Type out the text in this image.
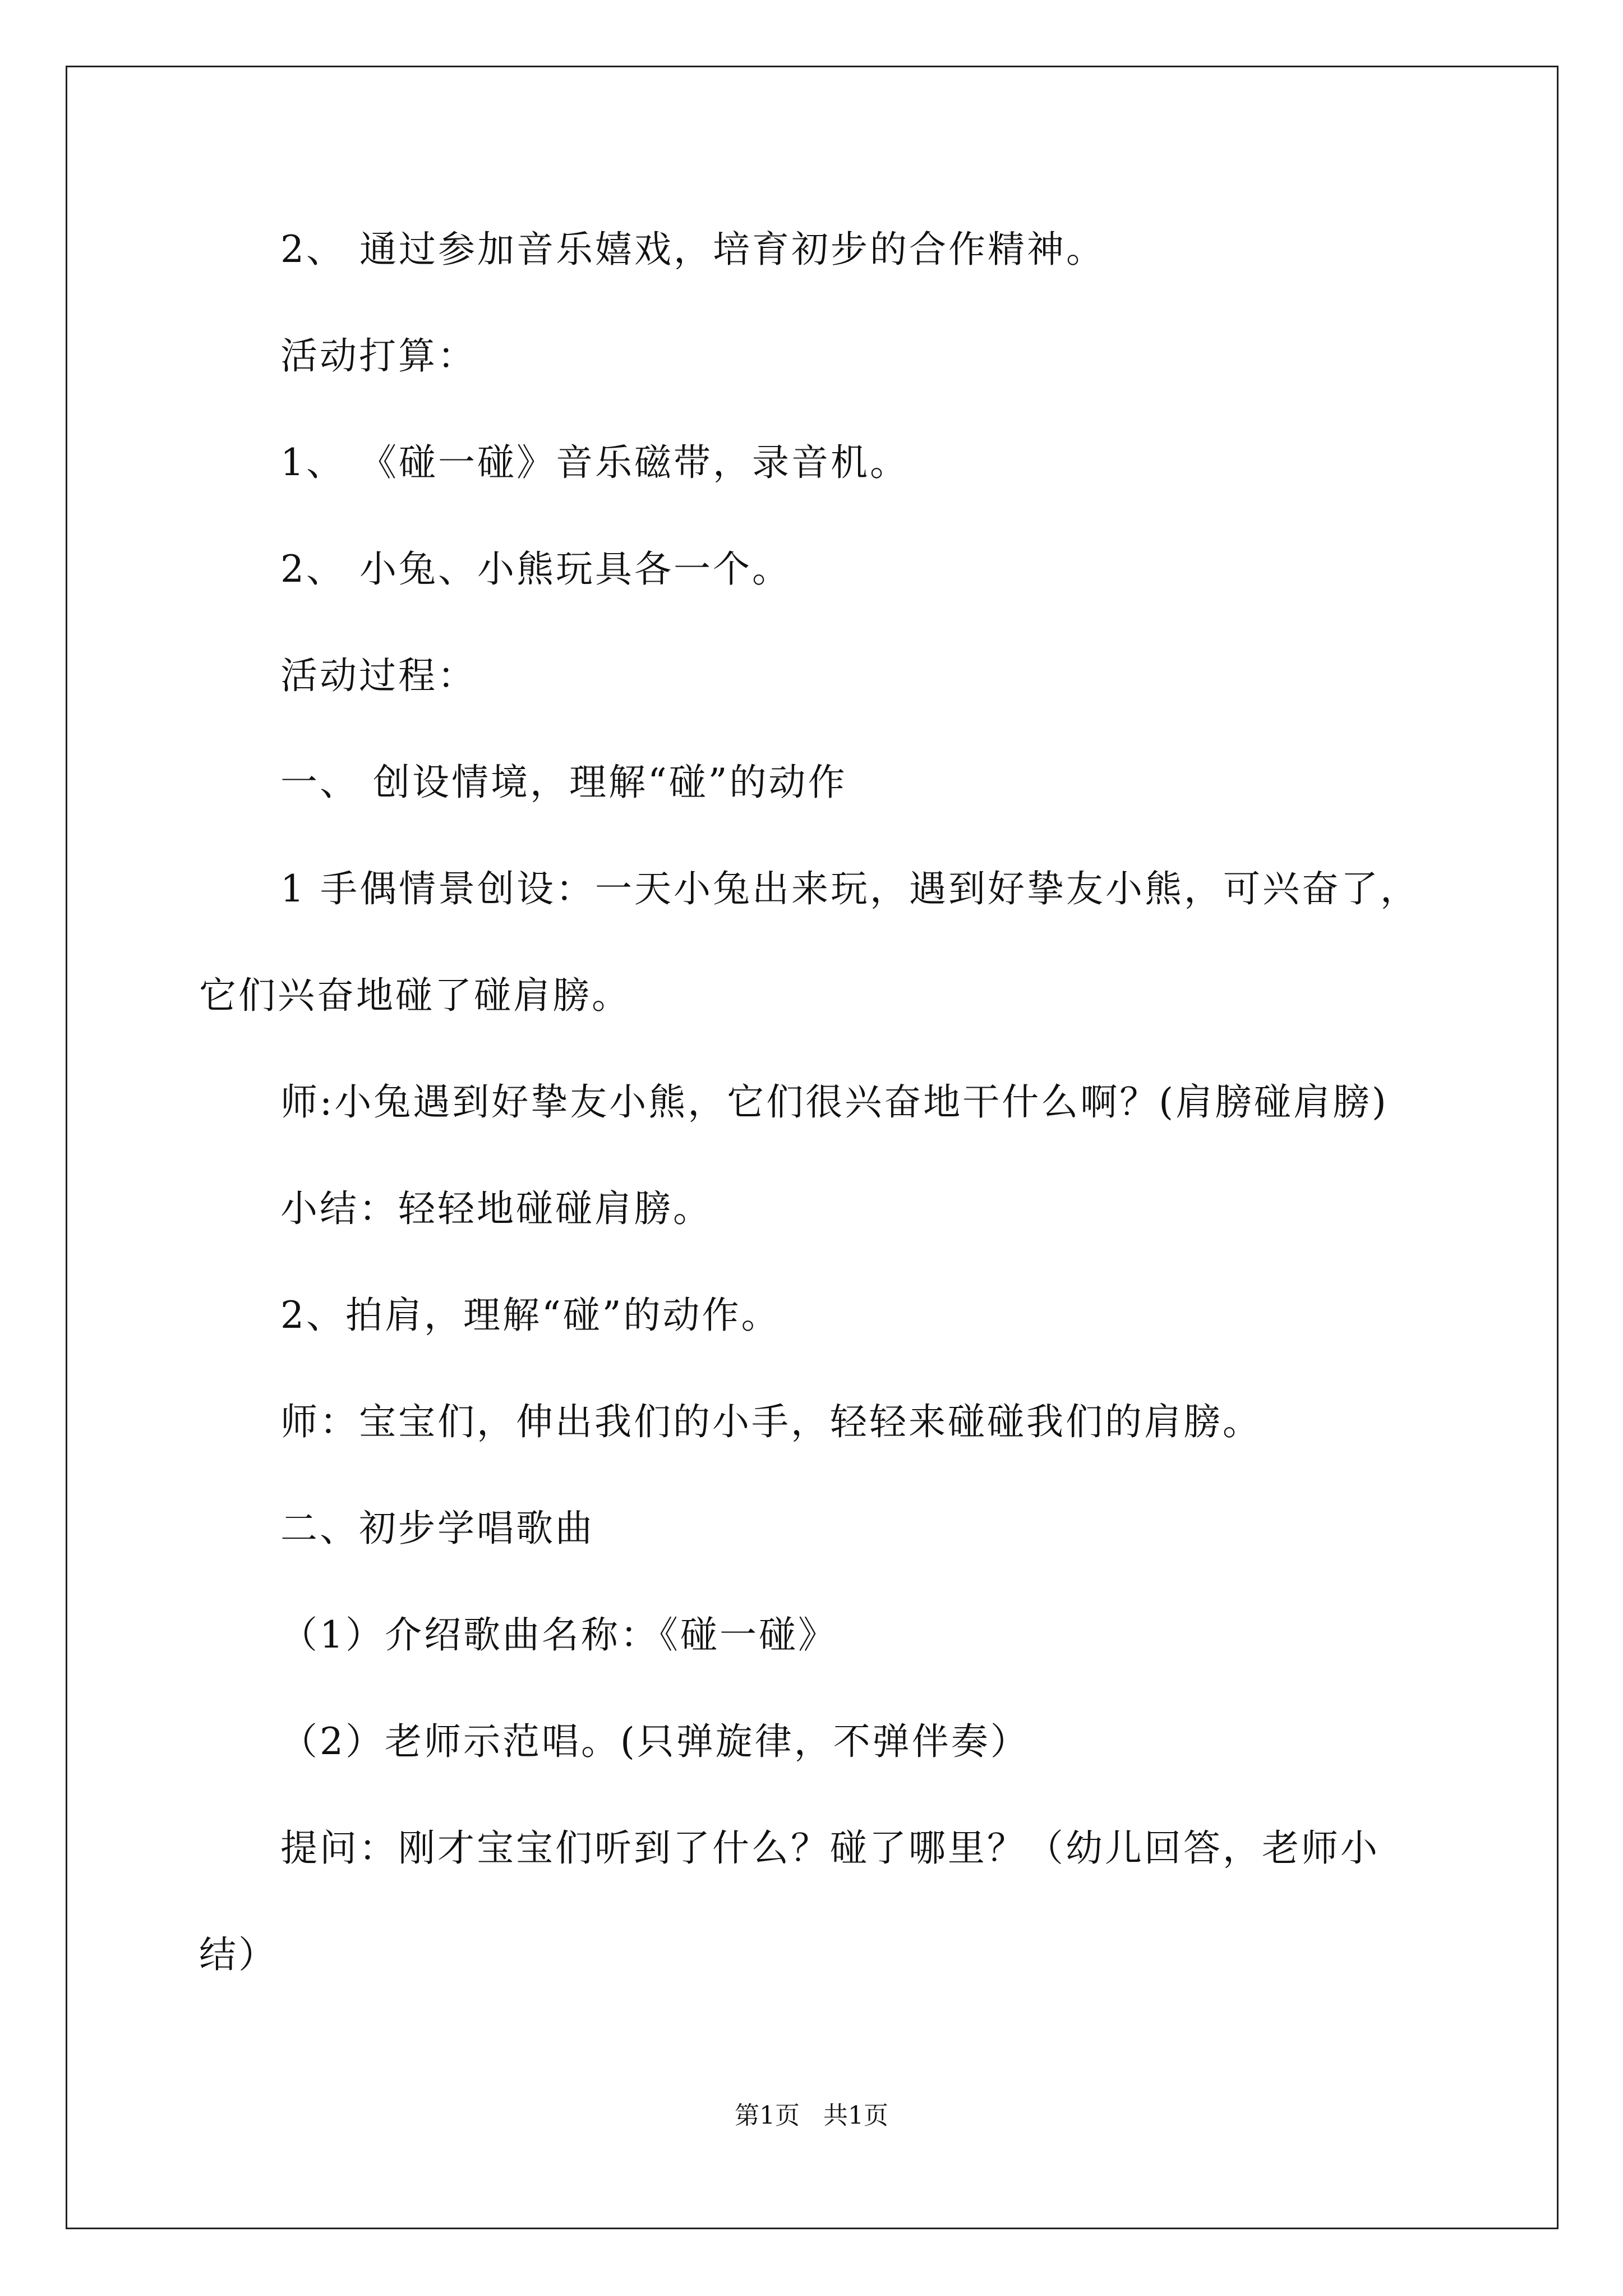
2、 通过参加音乐嬉戏，培育初步的合作精神。
活动打算：
1、 《碰一碰》音乐磁带，录音机。
2、 小兔、小熊玩具各一个。
活动过程：
一、 创设情境，理解“碰”的动作
1 手偶情景创设：一天小兔出来玩，遇到好挚友小熊，可兴奋了，
它们兴奋地碰了碰肩膀。
师:小兔遇到好挚友小熊，它们很兴奋地干什么啊？(肩膀碰肩膀)
小结：轻轻地碰碰肩膀。
2、拍肩，理解“碰”的动作。
师：宝宝们，伸出我们的小手，轻轻来碰碰我们的肩膀。
二、初步学唱歌曲
（1）介绍歌曲名称：《碰一碰》
（2）老师示范唱。(只弹旋律，不弹伴奏）
提问：刚才宝宝们听到了什么？碰了哪里？（幼儿回答，老师小
结）
第1页   共1页
